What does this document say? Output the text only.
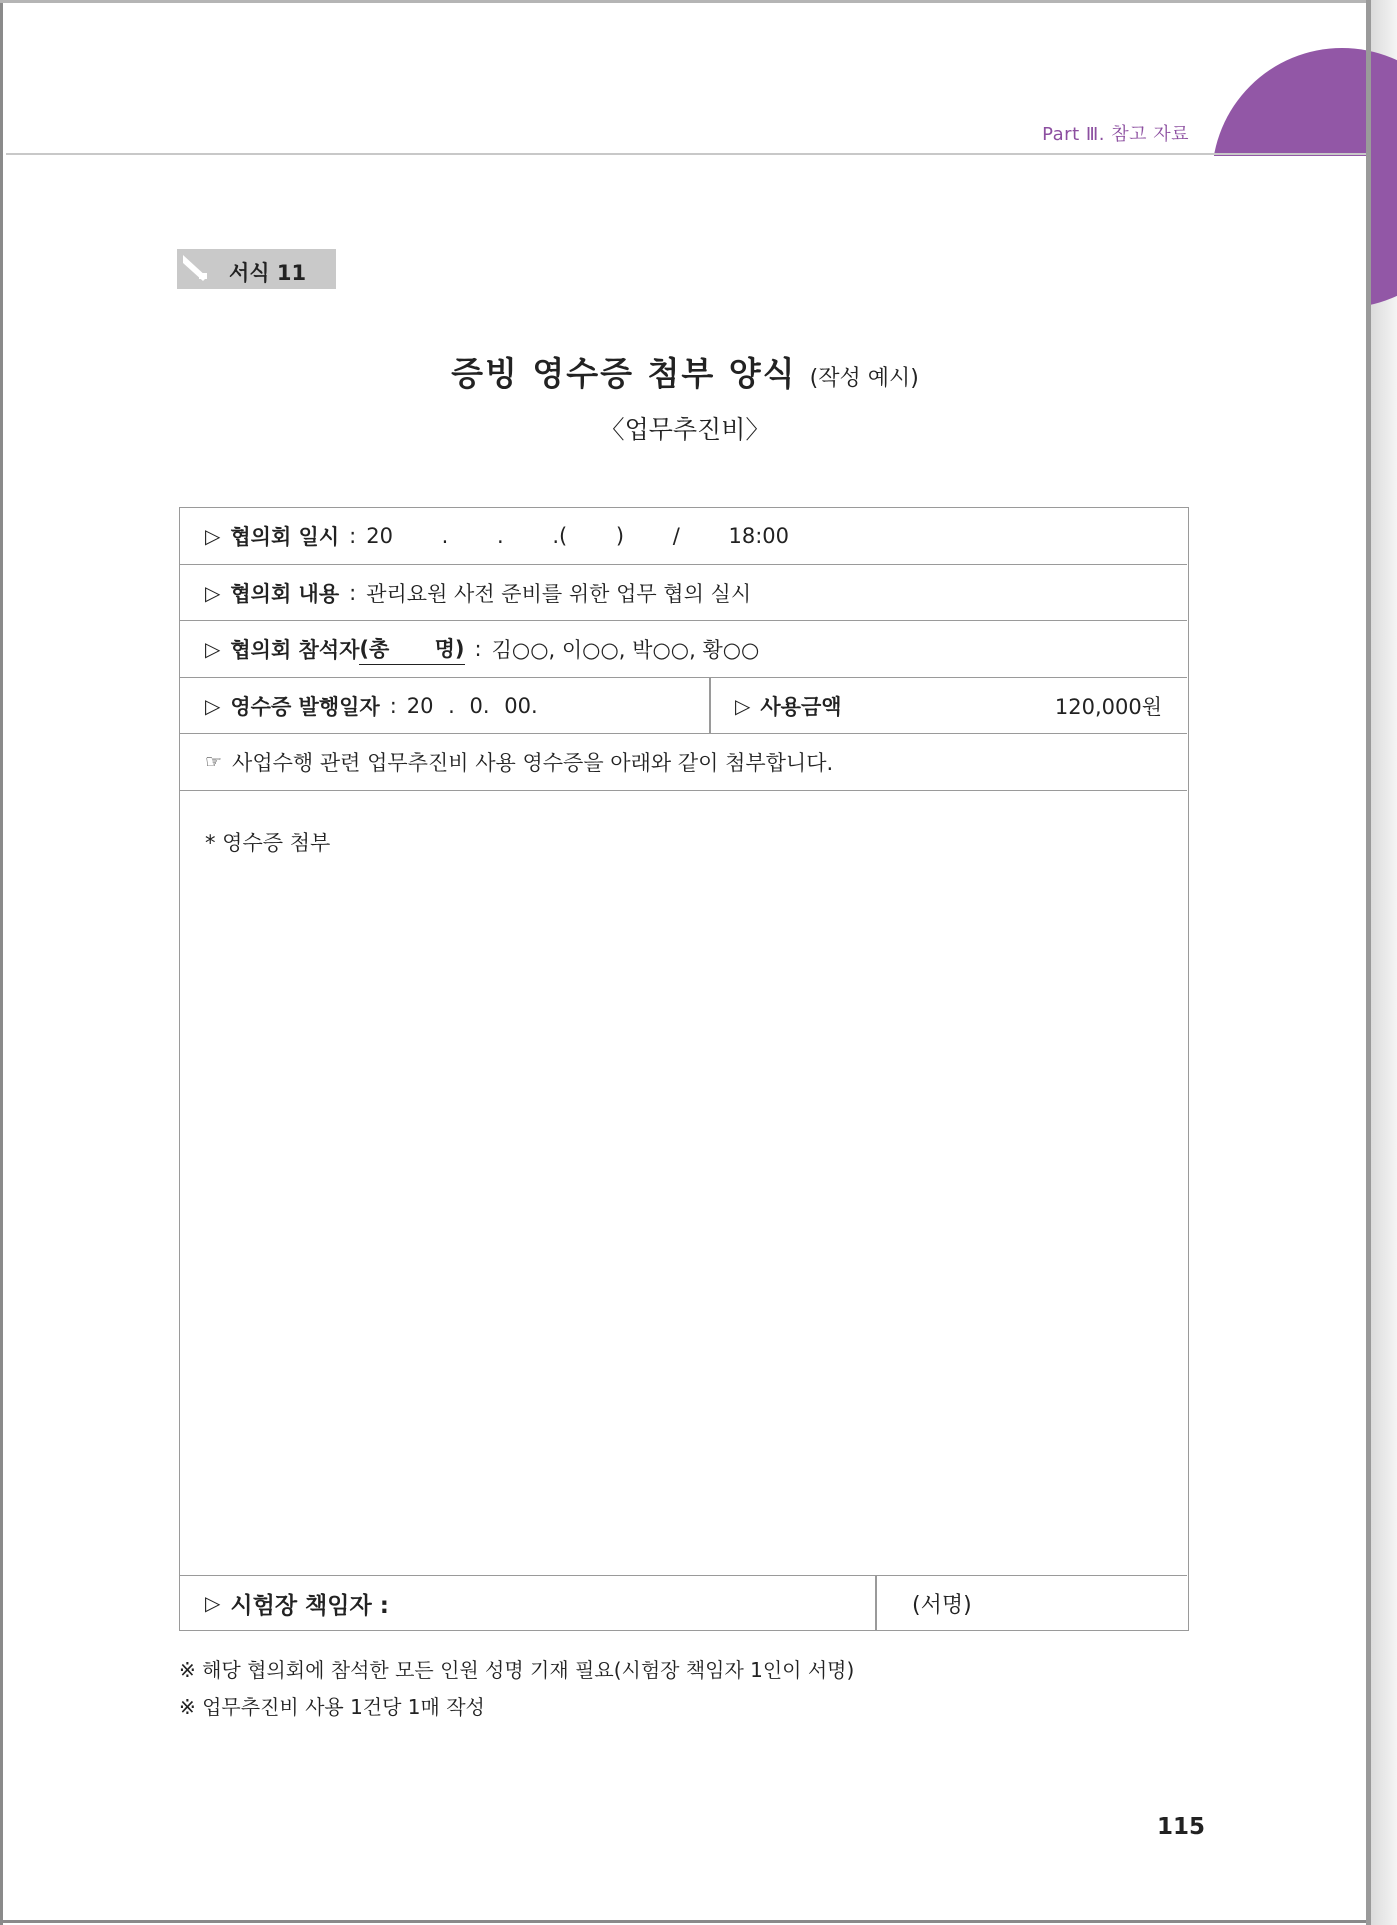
Part Ⅲ. 참고 자료
서식 11
증빙 영수증 첨부 양식 (작성 예시)
〈업무추진비〉
▷ 협의회 일시 : 20 . . .( ) / 18:00
▷ 협의회 내용 : 관리요원 사전 준비를 위한 업무 협의 실시
▷ 협의회 참석자 (총 명) : 김○○, 이○○, 박○○, 황○○
▷ 영수증 발행일자 : 20 . 0. 00.	▷ 사용금액	120,000원
☞ 사업수행 관련 업무추진비 사용 영수증을 아래와 같이 첨부합니다.
* 영수증 첨부
▷ 시험장 책임자 :	(서명)
※ 해당 협의회에 참석한 모든 인원 성명 기재 필요(시험장 책임자 1인이 서명)
※ 업무추진비 사용 1건당 1매 작성
115
